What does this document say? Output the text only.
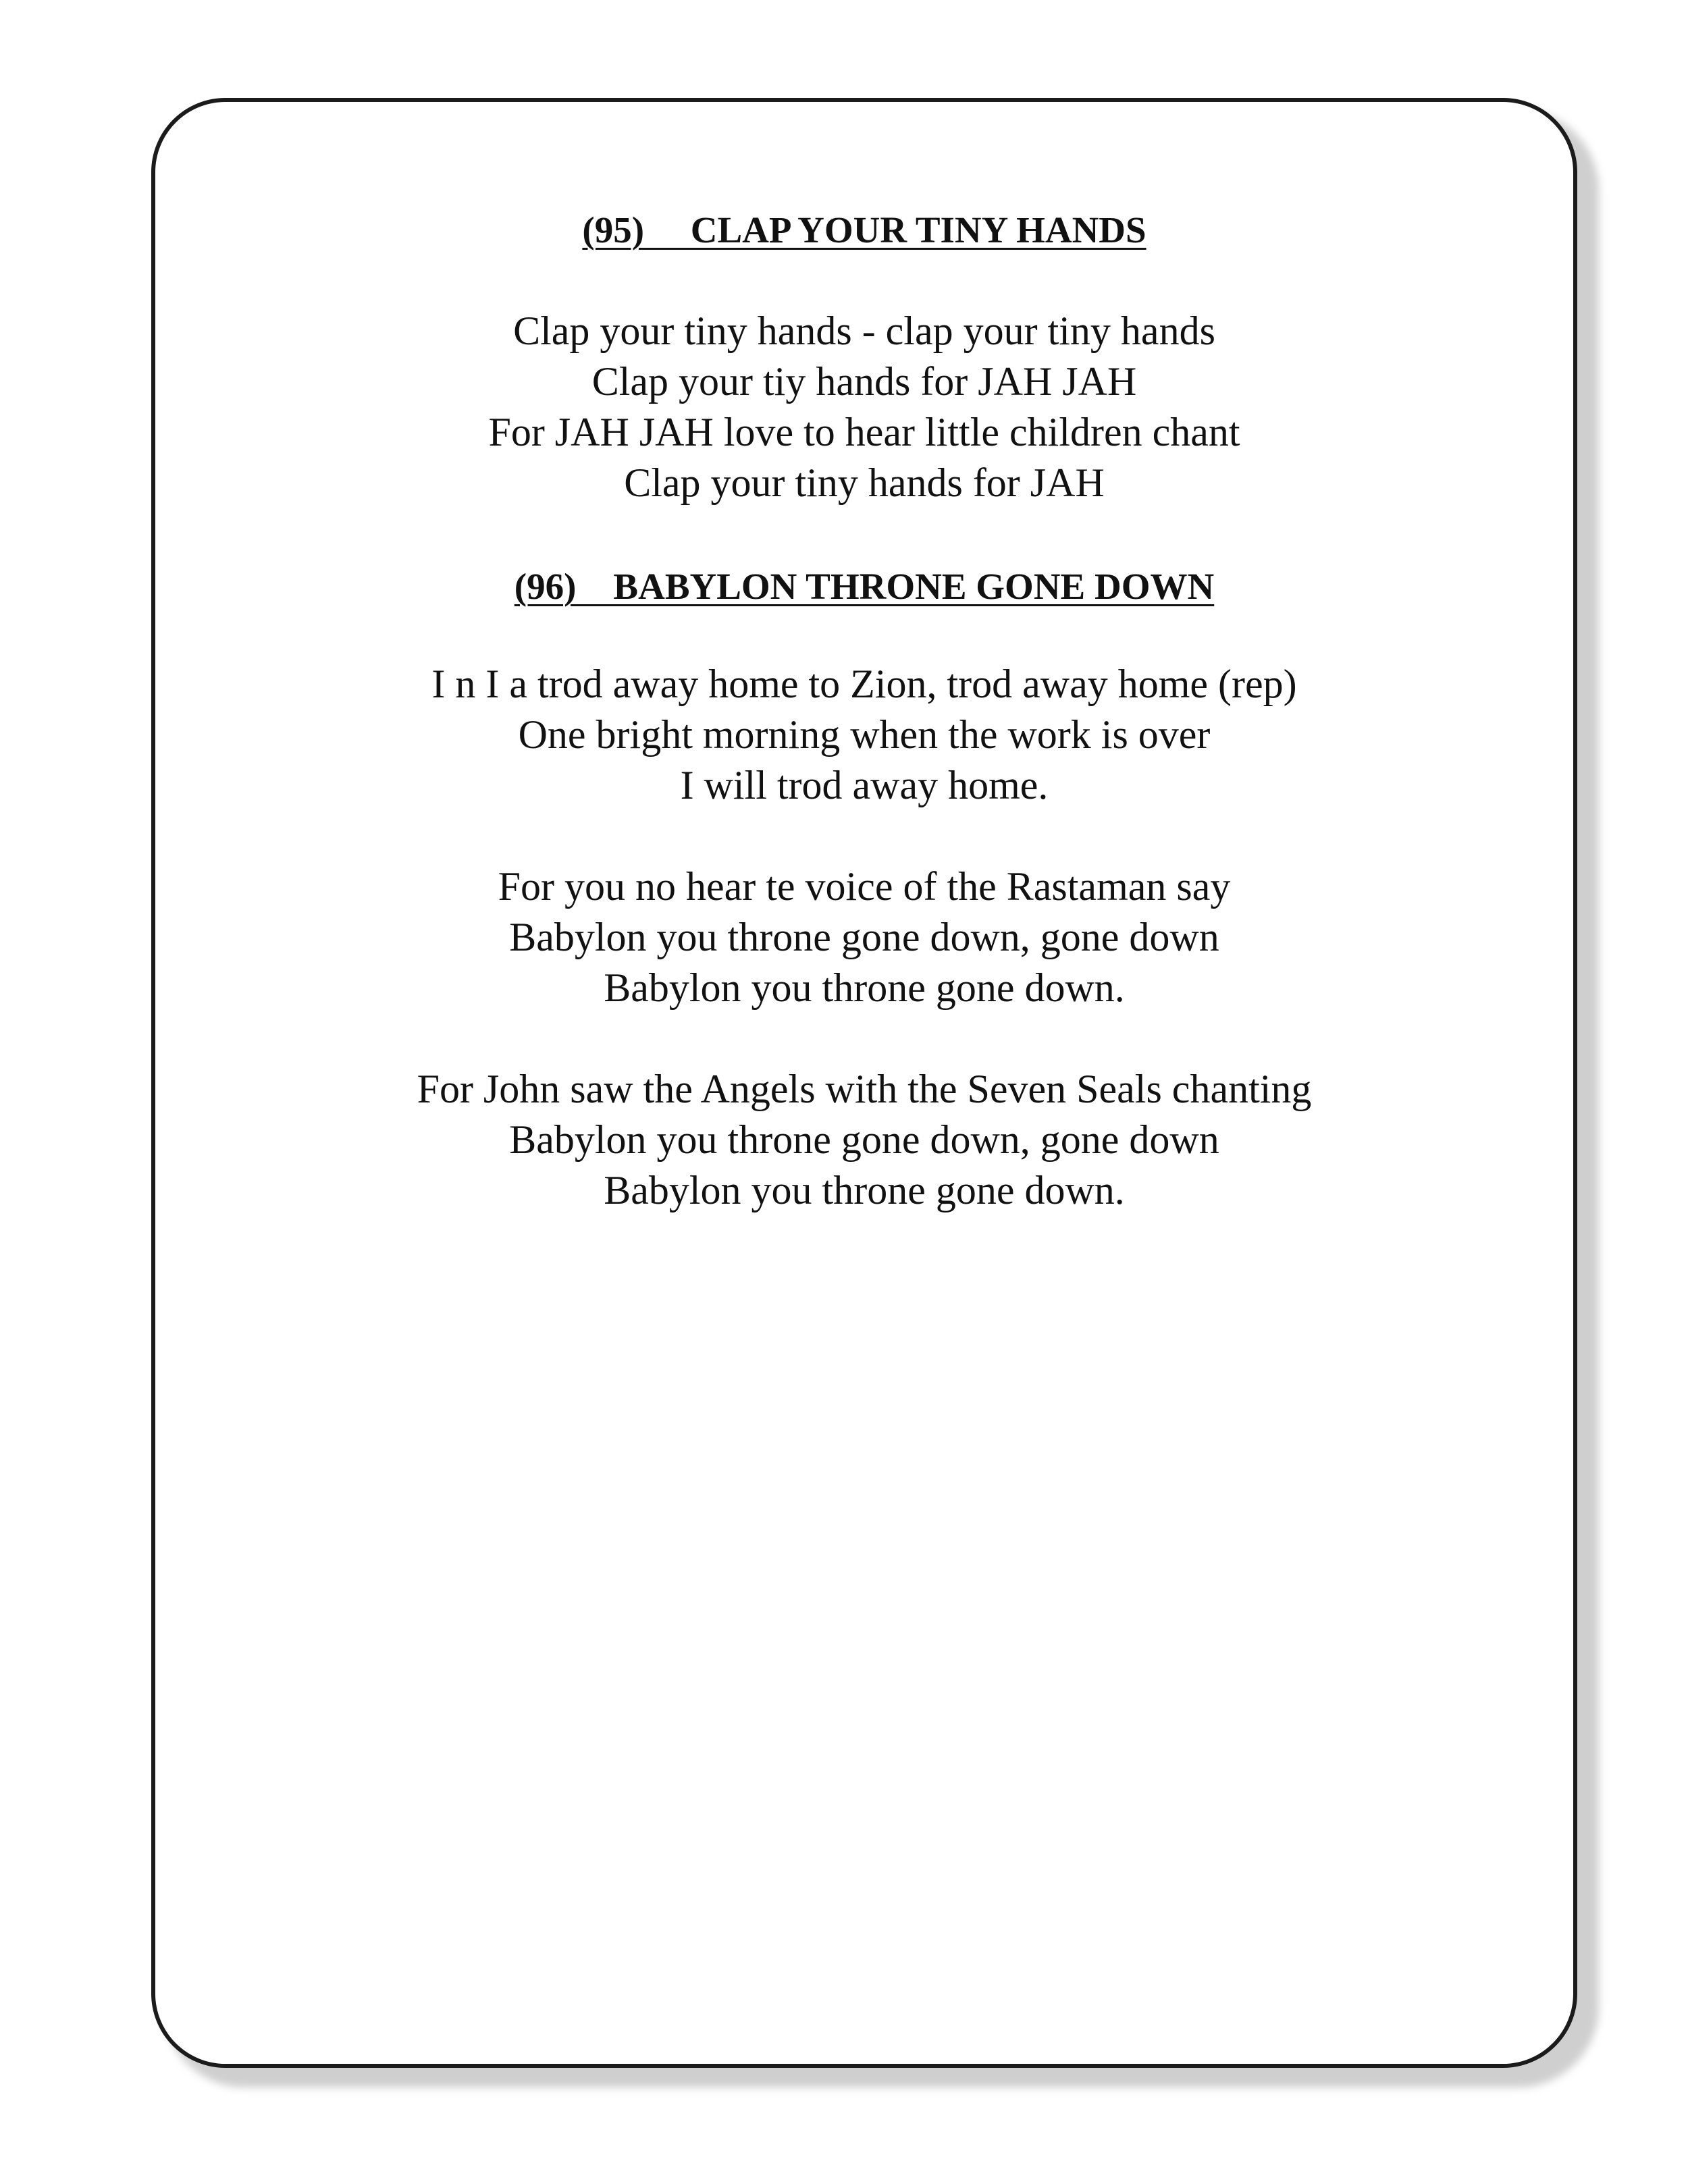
(95)     CLAP YOUR TINY HANDS
Clap your tiny hands - clap your tiny hands
Clap your tiy hands for JAH JAH
For JAH JAH love to hear little children chant
Clap your tiny hands for JAH
(96)    BABYLON THRONE GONE DOWN
I n I a trod away home to Zion, trod away home (rep)
One bright morning when the work is over
I will trod away home.
For you no hear te voice of the Rastaman say
Babylon you throne gone down, gone down
Babylon you throne gone down.
For John saw the Angels with the Seven Seals chanting
Babylon you throne gone down, gone down
Babylon you throne gone down.
